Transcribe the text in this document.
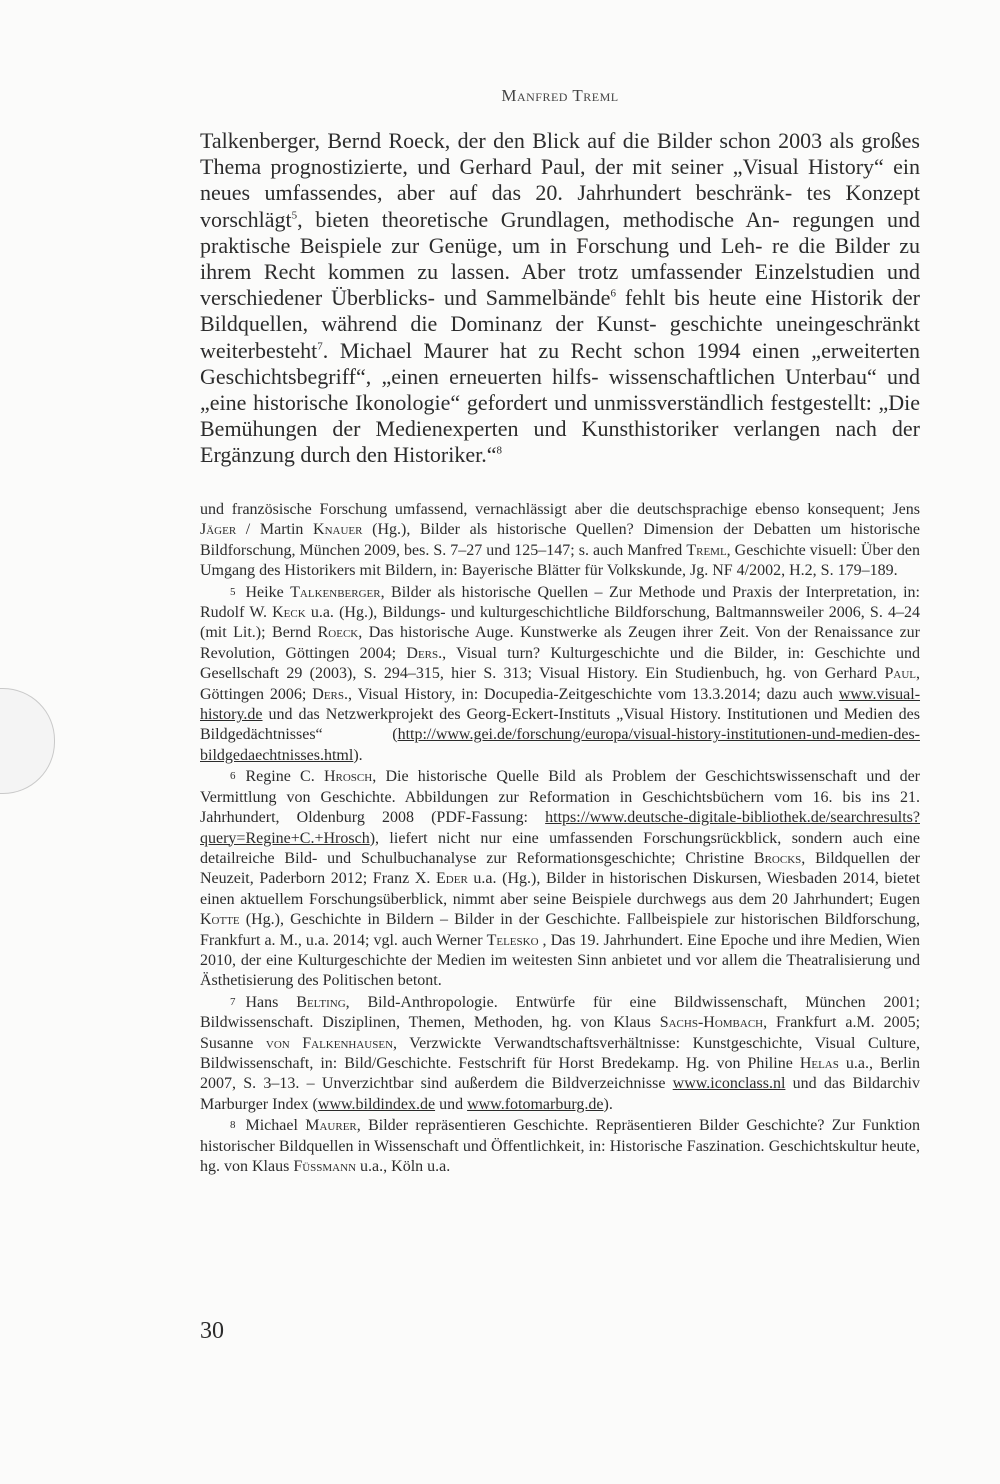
Manfred Treml

Talkenberger, Bernd Roeck, der den Blick auf die Bilder schon 2003 als großes Thema prognostizierte, und Gerhard Paul, der mit seiner „Visual History“ ein neues umfassendes, aber auf das 20. Jahrhundert beschränk- tes Konzept vorschlägt$^5$, bieten theoretische Grundlagen, methodische An- regungen und praktische Beispiele zur Genüge, um in Forschung und Leh- re die Bilder zu ihrem Recht kommen zu lassen. Aber trotz umfassender Einzelstudien und verschiedener Überblicks- und Sammelbände$^6$ fehlt bis heute eine Historik der Bildquellen, während die Dominanz der Kunst- geschichte uneingeschränkt weiterbesteht$^7$. Michael Maurer hat zu Recht schon 1994 einen „erweiterten Geschichtsbegriff“, „einen erneuerten hilfs- wissenschaftlichen Unterbau“ und „eine historische Ikonologie“ gefordert und unmissverständlich festgestellt: „Die Bemühungen der Medienexperten und Kunsthistoriker verlangen nach der Ergänzung durch den Historiker.“$^8$

und französische Forschung umfassend, vernachlässigt aber die deutschsprachige ebenso konsequent; Jens Jäger / Martin Knauer (Hg.), Bilder als historische Quellen? Dimension der Debatten um historische Bildforschung, München 2009, bes. S. 7–27 und 125–147; s. auch Manfred Treml, Geschichte visuell: Über den Umgang des Historikers mit Bildern, in: Bayerische Blätter für Volkskunde, Jg. NF 4/2002, H.2, S. 179–189.

5 Heike Talkenberger, Bilder als historische Quellen – Zur Methode und Praxis der Interpretation, in: Rudolf W. Keck u.a. (Hg.), Bildungs- und kulturgeschichtliche Bildforschung, Baltmannsweiler 2006, S. 4–24 (mit Lit.); Bernd Roeck, Das historische Auge. Kunstwerke als Zeugen ihrer Zeit. Von der Renaissance zur Revolution, Göttingen 2004; Ders., Visual turn? Kulturgeschichte und die Bilder, in: Geschichte und Gesellschaft 29 (2003), S. 294–315, hier S. 313; Visual History. Ein Studienbuch, hg. von Gerhard Paul, Göttingen 2006; Ders., Visual History, in: Docupedia-Zeitgeschichte vom 13.3.2014; dazu auch www.visual-history.de und das Netzwerkprojekt des Georg-Eckert-Instituts „Visual History. Institutionen und Medien des Bildgedächtnisses“ (http://www.gei.de/forschung/europa/visual-history-institutionen-und-medien-des-bildgedaechtnisses.html).

6 Regine C. Hrosch, Die historische Quelle Bild als Problem der Geschichtswissenschaft und der Vermittlung von Geschichte. Abbildungen zur Reformation in Geschichtsbüchern vom 16. bis ins 21. Jahrhundert, Oldenburg 2008 (PDF-Fassung: https://www.deutsche-digitale-bibliothek.de/searchresults?query=Regine+C.+Hrosch), liefert nicht nur eine umfassenden Forschungsrückblick, sondern auch eine detailreiche Bild- und Schulbuchanalyse zur Reformationsgeschichte; Christine Brocks, Bildquellen der Neuzeit, Paderborn 2012; Franz X. Eder u.a. (Hg.), Bilder in historischen Diskursen, Wiesbaden 2014, bietet einen aktuellem Forschungsüberblick, nimmt aber seine Beispiele durchwegs aus dem 20 Jahrhundert; Eugen Kotte (Hg.), Geschichte in Bildern – Bilder in der Geschichte. Fallbeispiele zur historischen Bildforschung, Frankfurt a. M., u.a. 2014; vgl. auch Werner Telesko , Das 19. Jahrhundert. Eine Epoche und ihre Medien, Wien 2010, der eine Kulturgeschichte der Medien im weitesten Sinn anbietet und vor allem die Theatralisierung und Ästhetisierung des Politischen betont.

7 Hans Belting, Bild-Anthropologie. Entwürfe für eine Bildwissenschaft, München 2001; Bildwissenschaft. Disziplinen, Themen, Methoden, hg. von Klaus Sachs-Hombach, Frankfurt a.M. 2005; Susanne von Falkenhausen, Verzwickte Verwandtschaftsverhältnisse: Kunstgeschichte, Visual Culture, Bildwissenschaft, in: Bild/Geschichte. Festschrift für Horst Bredekamp. Hg. von Philine Helas u.a., Berlin 2007, S. 3–13. – Unverzichtbar sind außerdem die Bildverzeichnisse www.iconclass.nl und das Bildarchiv Marburger Index (www.bildindex.de und www.fotomarburg.de).

8 Michael Maurer, Bilder repräsentieren Geschichte. Repräsentieren Bilder Geschichte? Zur Funktion historischer Bildquellen in Wissenschaft und Öffentlichkeit, in: Historische Faszination. Geschichtskultur heute, hg. von Klaus Füssmann u.a., Köln u.a.

30
